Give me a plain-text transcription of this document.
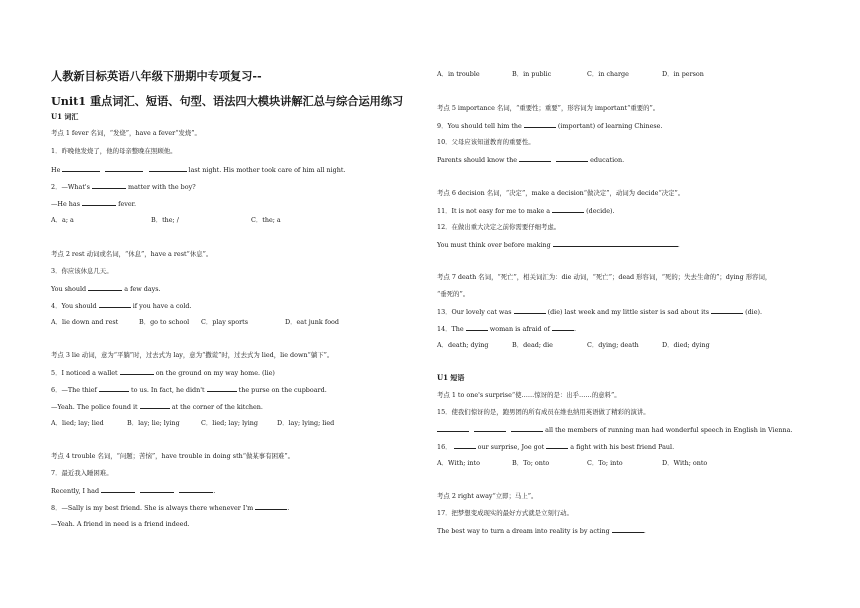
人教新目标英语八年级下册期中专项复习--
Unit1 重点词汇、短语、句型、语法四大模块讲解汇总与综合运用练习
U1 词汇
考点 1 fever 名词，“发烧”，have a fever“发烧”。
1．昨晚他发烧了，他的母亲整晚在照顾他。
He	last night. His mother took care of him all night.
2．—What's	matter with the boy?
—He has	fever.
A．a; a	B．the; /	C．the; a
考点 2 rest 动词或名词，“休息”，have a rest“休息”。
3．你应该休息几天。
You should	a few days.
4．You should	if you have a cold.
A．lie down and rest	B．go to school C．play sports	D．eat junk food
考点 3 lie 动词，意为“平躺”时，过去式为 lay，意为“撒谎”时，过去式为 lied，lie down“躺下”。
5．I noticed a wallet	on the ground on my way home. (lie)
6．—The thief	to us. In fact, he didn't	the purse on the cupboard.
—Yeah. The police found it	at the corner of the kitchen.
A．lied; lay; lied	B．lay; lie; lying	C．lied; lay; lying	D．lay; lying; lied
考点 4 trouble 名词，“问题；苦恼”，have trouble in doing sth“做某事有困难”。
7．最近我入睡困难。
Recently, I had	.
8．—Sally is my best friend. She is always there whenever I'm	.
—Yeah. A friend in need is a friend indeed.
A．in trouble	B．in public	C．in charge	D．in person
考点 5 importance 名词，“重要性；重要”，形容词为 important“重要的”。
9．You should tell him the	(important) of learning Chinese.
10．父母应该知道教育的重要性。
Parents should know the	education.
考点 6 decision 名词，“决定”，make a decision“做决定”，动词为 decide“决定”。
11．It is not easy for me to make a	(decide).
12．在做出重大决定之前你需要仔细考虑。
You must think over before making	.
考点 7 death 名词，“死亡”，相关词汇为：die 动词，“死亡”；dead 形容词，“死的；失去生命的”；dying 形容词，
“垂死的”。
13．Our lovely cat was	(die) last week and my little sister is sad about its	(die).
14．The	woman is afraid of	.
A．death; dying	B．dead; die	C．dying; death	D．died; dying
U1 短语
考点 1 to one's surprise“使……惊讶的是：出乎……的意料”。
15．使我们惊讶的是，跑男团的所有成员在维也纳用英语做了精彩的演讲。
all the members of running man had wonderful speech in English in Vienna.
16．	our surprise, Joe got	a fight with his best friend Paul.
A．With; into	B．To; onto	C．To; into	D．With; onto
考点 2 right away“立即；马上”。
17．把梦想变成现实的最好方式就是立刻行动。
The best way to turn a dream into reality is by acting	.
